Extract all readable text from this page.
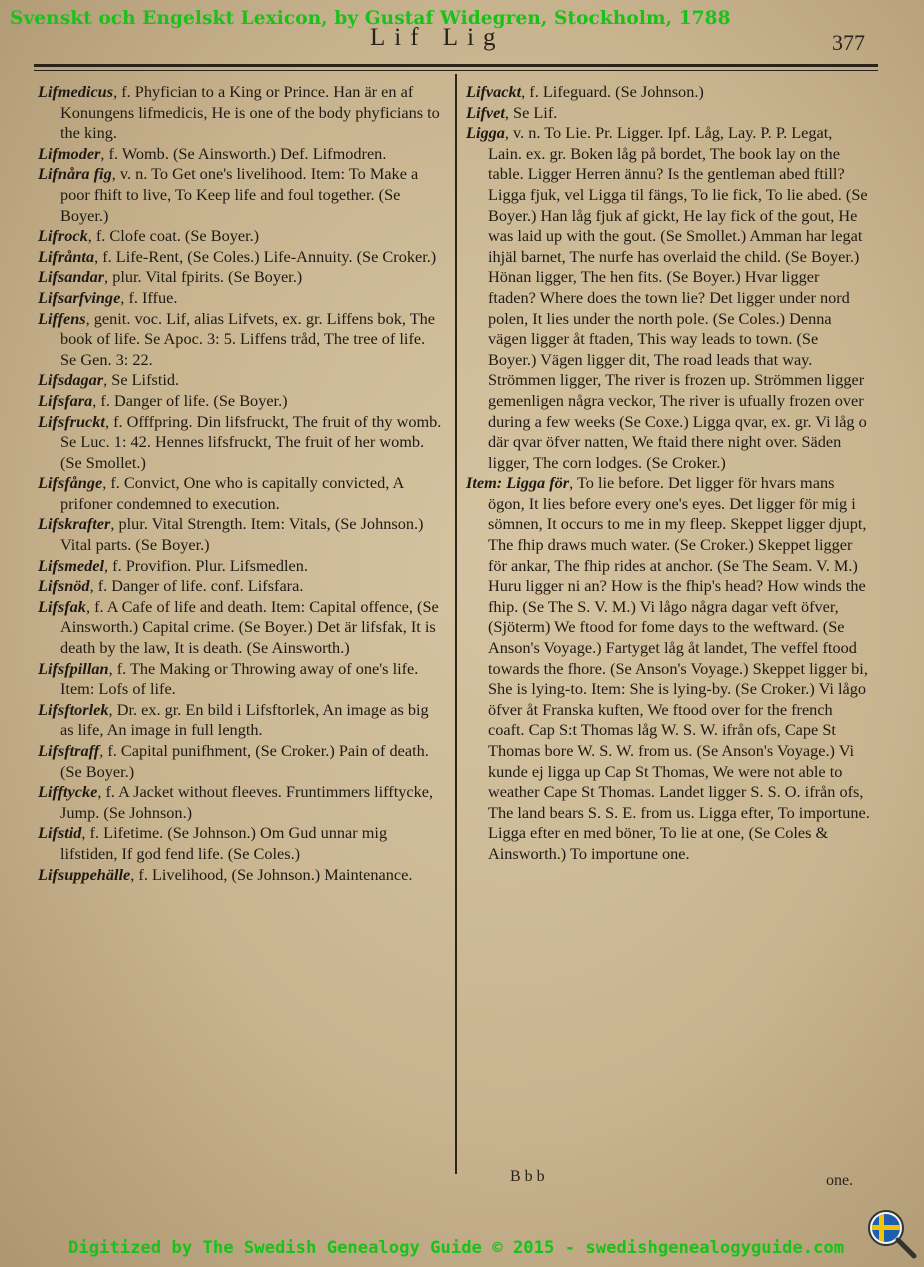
Svenskt och Engelskt Lexicon, by Gustaf Widegren, Stockholm, 1788
Lif Lig	377
Lifmedicus, f. Phyfician to a King or Prince. Han är en af Konungens lifmedicis, He is one of the body phyficians to the king.
Lifmoder, f. Womb. (Se Ainsworth.) Def. Lifmodren.
Lifnåra fig, v. n. To Get one's livelihood. Item: To Make a poor fhift to live, To Keep life and foul together. (Se Boyer.)
Lifrock, f. Clofe coat. (Se Boyer.)
Lifrånta, f. Life-Rent, (Se Coles.) Life-Annuity. (Se Croker.)
Lifsandar, plur. Vital fpirits. (Se Boyer.)
Lifsarfvinge, f. Iffue.
Liffens, genit. voc. Lif, alias Lifvets, ex. gr. Liffens bok, The book of life. Se Apoc. 3: 5. Liffens tråd, The tree of life. Se Gen. 3: 22.
Lifsdagar, Se Lifstid.
Lifsfara, f. Danger of life. (Se Boyer.)
Lifsfruckt, f. Offfpring. Din lifsfruckt, The fruit of thy womb. Se Luc. 1: 42. Hennes lifsfruckt, The fruit of her womb. (Se Smollet.)
Lifsfånge, f. Convict, One who is capitally convicted, A prifoner condemned to execution.
Lifskrafter, plur. Vital Strength. Item: Vitals, (Se Johnson.) Vital parts. (Se Boyer.)
Lifsmedel, f. Provifion. Plur. Lifsmedlen.
Lifsnöd, f. Danger of life. conf. Lifsfara.
Lifsfak, f. A Cafe of life and death. Item: Capital offence, (Se Ainsworth.) Capital crime. (Se Boyer.) Det är lifsfak, It is death by the law, It is death. (Se Ainsworth.)
Lifsfpillan, f. The Making or Throwing away of one's life. Item: Lofs of life.
Lifsftorlek, Dr. ex. gr. En bild i Lifsftorlek, An image as big as life, An image in full length.
Lifsftraff, f. Capital punifhment, (Se Croker.) Pain of death. (Se Boyer.)
Lifftycke, f. A Jacket without fleeves. Fruntimmers lifftycke, Jump. (Se Johnson.)
Lifstid, f. Lifetime. (Se Johnson.) Om Gud unnar mig lifstiden, If god fend life. (Se Coles.)
Lifsuppehälle, f. Livelihood, (Se Johnson.) Maintenance.
Lifvackt, f. Lifeguard. (Se Johnson.)
Lifvet, Se Lif.
Ligga, v. n. To Lie. Pr. Ligger. Ipf. Låg, Lay. P. P. Legat, Lain. ex. gr. Boken låg på bordet, The book lay on the table. Ligger Herren ännu? Is the gentleman abed ftill? Ligga fjuk, vel Ligga til fängs, To lie fick, To lie abed. (Se Boyer.) Han låg fjuk af gickt, He lay fick of the gout, He was laid up with the gout. (Se Smollet.) Amman har legat ihjäl barnet, The nurfe has overlaid the child. (Se Boyer.) Hönan ligger, The hen fits. (Se Boyer.) Hvar ligger ftaden? Where does the town lie? Det ligger under nord polen, It lies under the north pole. (Se Coles.) Denna vägen ligger åt ftaden, This way leads to town. (Se Boyer.) Vägen ligger dit, The road leads that way. Strömmen ligger, The river is frozen up. Strömmen ligger gemenligen några veckor, The river is ufually frozen over during a few weeks (Se Coxe.) Ligga qvar, ex. gr. Vi låg o där qvar öfver natten, We ftaid there night over. Säden ligger, The corn lodges. (Se Croker.)
Item: Ligga för, To lie before. Det ligger för hvars mans ögon, It lies before every one's eyes. Det ligger för mig i sömnen, It occurs to me in my fleep. Skeppet ligger djupt, The fhip draws much water. (Se Croker.) Skeppet ligger för ankar, The fhip rides at anchor. (Se The Seam. V. M.) Huru ligger ni an? How is the fhip's head? How winds the fhip. (Se The S. V. M.) Vi lågo några dagar veft öfver, (Sjöterm) We ftood for fome days to the weftward. (Se Anson's Voyage.) Fartyget låg åt landet, The veffel ftood towards the fhore. (Se Anson's Voyage.) Skeppet ligger bi, She is lying-to. Item: She is lying-by. (Se Croker.) Vi lågo öfver åt Franska kuften, We ftood over for the french coaft. Cap S:t Thomas låg W. S. W. ifrån ofs, Cape St Thomas bore W. S. W. from us. (Se Anson's Voyage.) Vi kunde ej ligga up Cap St Thomas, We were not able to weather Cape St Thomas. Landet ligger S. S. O. ifrån ofs, The land bears S. S. E. from us. Ligga efter, To importune. Ligga efter en med böner, To lie at one, (Se Coles & Ainsworth.) To importune one.
Bbb	one.
Digitized by The Swedish Genealogy Guide © 2015 - swedishgenealogyguide.com
